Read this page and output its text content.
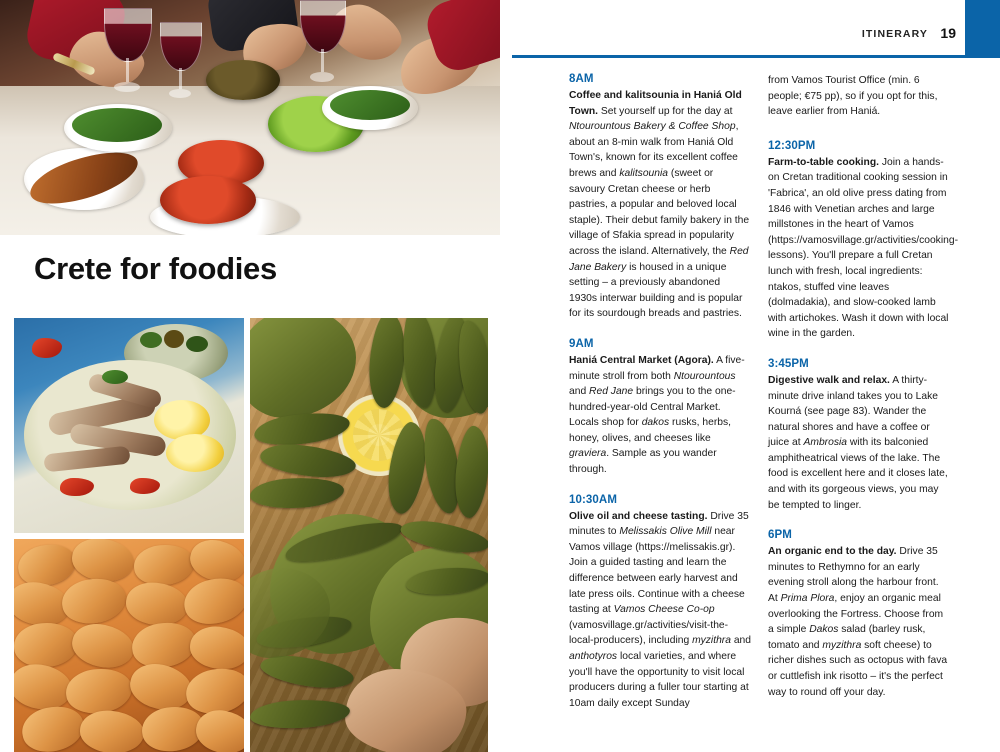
Crete for foodies
ITINERARY 19
8AM

Coffee and kalitsounia in Haniá Old Town. Set yourself up for the day at Ntourountous Bakery & Coffee Shop, about an 8-min walk from Haniá Old Town's, known for its excellent coffee brews and kalitsounia (sweet or savoury Cretan cheese or herb pastries, a popular and beloved local staple). Their debut family bakery in the village of Sfakia spread in popularity across the island. Alternatively, the Red Jane Bakery is housed in a unique setting – a previously abandoned 1930s interwar building and is popular for its sourdough breads and pastries.

9AM

Haniá Central Market (Agora). A five-minute stroll from both Ntourountous and Red Jane brings you to the one-hundred-year-old Central Market. Locals shop for dakos rusks, herbs, honey, olives, and cheeses like graviera. Sample as you wander through.

10:30AM

Olive oil and cheese tasting. Drive 35 minutes to Melissakis Olive Mill near Vamos village (https://melissakis.gr). Join a guided tasting and learn the difference between early harvest and late press oils. Continue with a cheese tasting at Vamos Cheese Co-op (vamosvillage.gr/activities/visit-the-local-producers), including myzithra and anthotyros local varieties, and where you'll have the opportunity to visit local producers during a fuller tour starting at 10am daily except Sunday

from Vamos Tourist Office (min. 6 people; €75 pp), so if you opt for this, leave earlier from Haniá.

12:30PM

Farm-to-table cooking. Join a hands-on Cretan traditional cooking session in 'Fabrica', an old olive press dating from 1846 with Venetian arches and large millstones in the heart of Vamos (https://vamosvillage.gr/activities/cooking-lessons). You'll prepare a full Cretan lunch with fresh, local ingredients: ntakos, stuffed vine leaves (dolmadakia), and slow-cooked lamb with artichokes. Wash it down with local wine in the garden.

3:45PM

Digestive walk and relax. A thirty-minute drive inland takes you to Lake Kourná (see page 83). Wander the natural shores and have a coffee or juice at Ambrosia with its balconied amphitheatrical views of the lake. The food is excellent here and it closes late, and with its gorgeous views, you may be tempted to linger.

6PM

An organic end to the day. Drive 35 minutes to Rethymno for an early evening stroll along the harbour front. At Prima Plora, enjoy an organic meal overlooking the Fortress. Choose from a simple Dakos salad (barley rusk, tomato and myzithra soft cheese) to richer dishes such as octopus with fava or cuttlefish ink risotto – it's the perfect way to round off your day.
